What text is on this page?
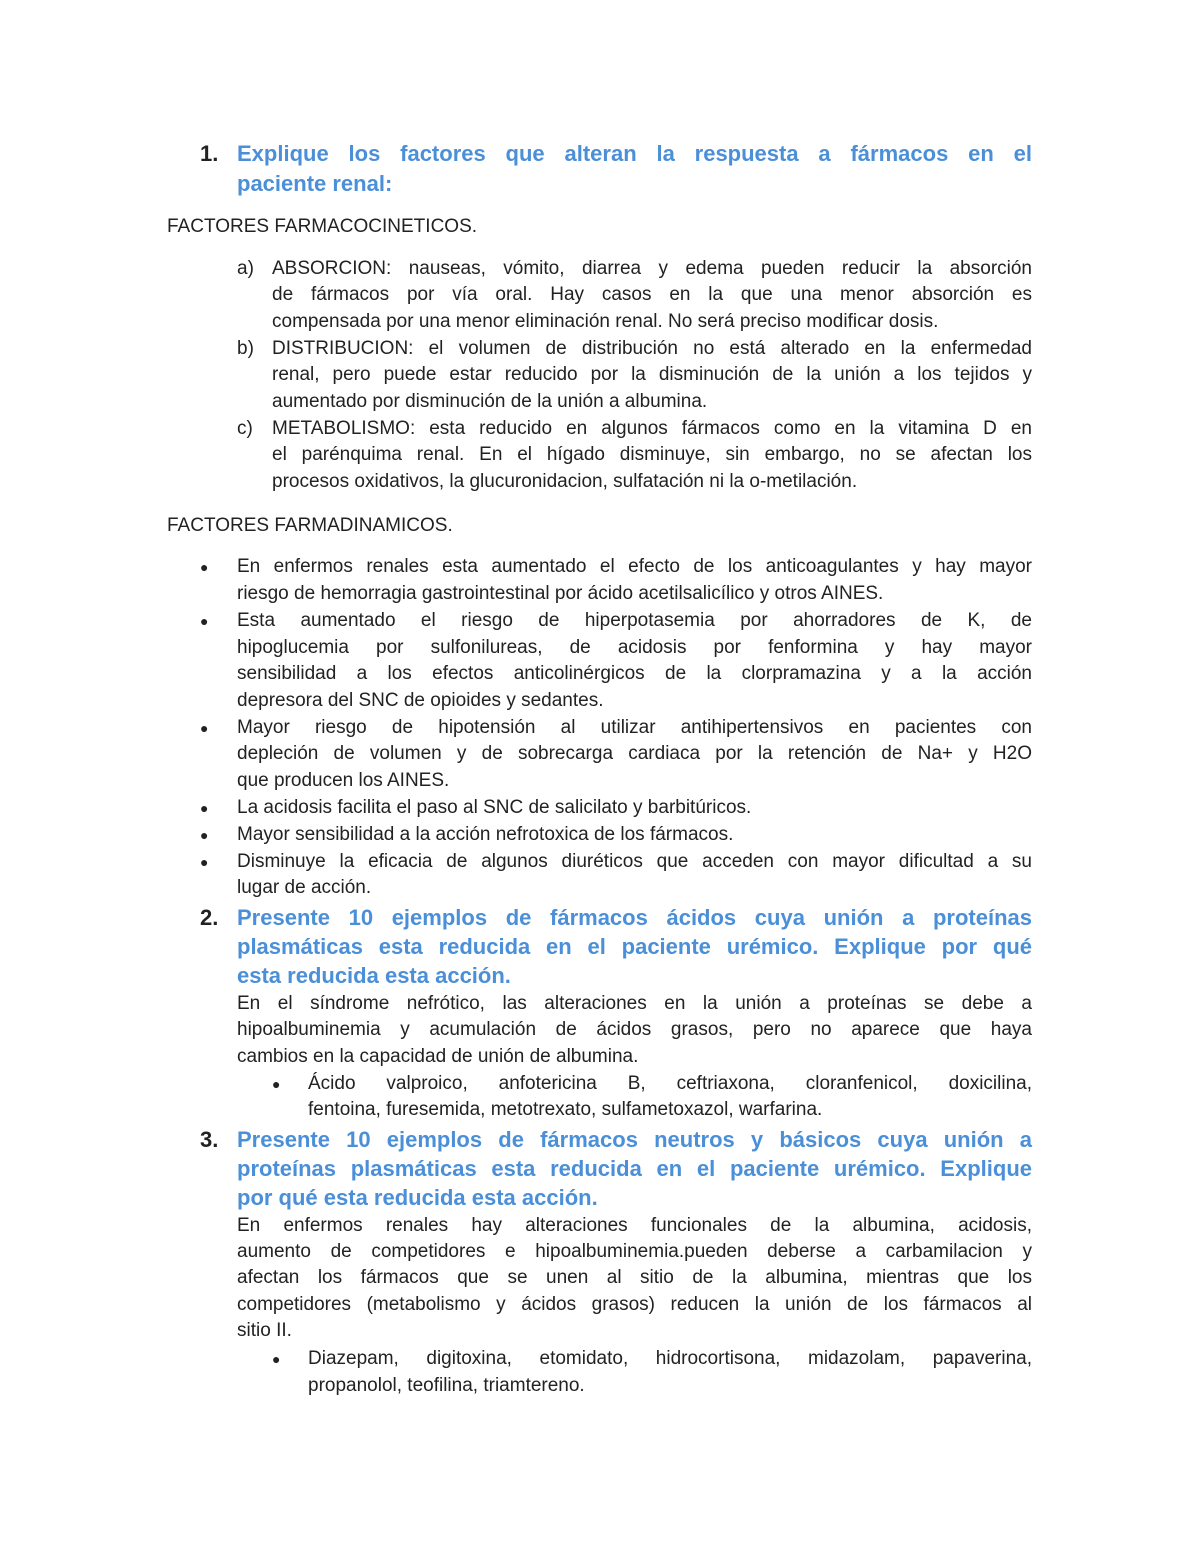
1. Explique los factores que alteran la respuesta a fármacos en el
paciente renal:
FACTORES FARMACOCINETICOS.
a) ABSORCION: nauseas, vómito, diarrea y edema pueden reducir la absorción
de fármacos por vía oral. Hay casos en la que una menor absorción es
compensada por una menor eliminación renal. No será preciso modificar dosis.
b) DISTRIBUCION: el volumen de distribución no está alterado en la enfermedad
renal, pero puede estar reducido por la disminución de la unión a los tejidos y
aumentado por disminución de la unión a albumina.
c) METABOLISMO: esta reducido en algunos fármacos como en la vitamina D en
el parénquima renal. En el hígado disminuye, sin embargo, no se afectan los
procesos oxidativos, la glucuronidacion, sulfatación ni la o-metilación.
FACTORES FARMADINAMICOS.
● En enfermos renales esta aumentado el efecto de los anticoagulantes y hay mayor
riesgo de hemorragia gastrointestinal por ácido acetilsalicílico y otros AINES.
● Esta aumentado el riesgo de hiperpotasemia por ahorradores de K, de
hipoglucemia por sulfonilureas, de acidosis por fenformina y hay mayor
sensibilidad a los efectos anticolinérgicos de la clorpramazina y a la acción
depresora del SNC de opioides y sedantes.
● Mayor riesgo de hipotensión al utilizar antihipertensivos en pacientes con
depleción de volumen y de sobrecarga cardiaca por la retención de Na+ y H2O
que producen los AINES.
● La acidosis facilita el paso al SNC de salicilato y barbitúricos.
● Mayor sensibilidad a la acción nefrotoxica de los fármacos.
● Disminuye la eficacia de algunos diuréticos que acceden con mayor dificultad a su
lugar de acción.
2. Presente 10 ejemplos de fármacos ácidos cuya unión a proteínas
plasmáticas esta reducida en el paciente urémico. Explique por qué
esta reducida esta acción.
En el síndrome nefrótico, las alteraciones en la unión a proteínas se debe a
hipoalbuminemia y acumulación de ácidos grasos, pero no aparece que haya
cambios en la capacidad de unión de albumina.
● Ácido valproico, anfotericina B, ceftriaxona, cloranfenicol, doxicilina,
fentoina, furesemida, metotrexato, sulfametoxazol, warfarina.
3. Presente 10 ejemplos de fármacos neutros y básicos cuya unión a
proteínas plasmáticas esta reducida en el paciente urémico. Explique
por qué esta reducida esta acción.
En enfermos renales hay alteraciones funcionales de la albumina, acidosis,
aumento de competidores e hipoalbuminemia.pueden deberse a carbamilacion y
afectan los fármacos que se unen al sitio de la albumina, mientras que los
competidores (metabolismo y ácidos grasos) reducen la unión de los fármacos al
sitio II.
● Diazepam, digitoxina, etomidato, hidrocortisona, midazolam, papaverina,
propanolol, teofilina, triamtereno.
